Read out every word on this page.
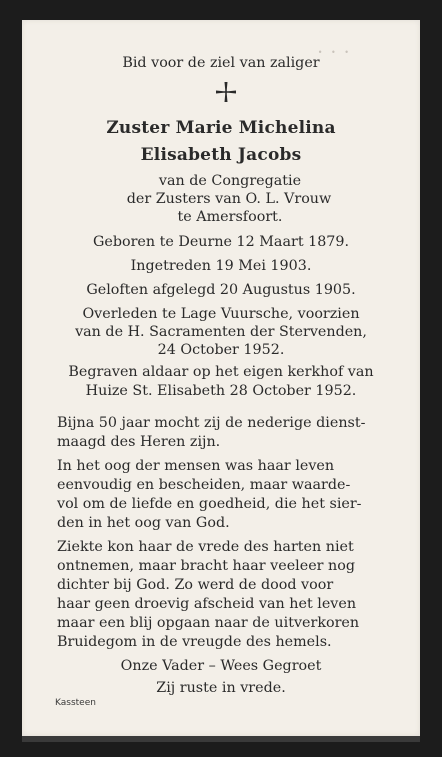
• • •
Bid voor de ziel van zaliger
Zuster Marie Michelina
Elisabeth Jacobs
van de Congregatie
der Zusters van O. L. Vrouw
te Amersfoort.
Geboren te Deurne 12 Maart 1879.
Ingetreden 19 Mei 1903.
Geloften afgelegd 20 Augustus 1905.
Overleden te Lage Vuursche, voorzien
van de H. Sacramenten der Stervenden,
24 October 1952.
Begraven aldaar op het eigen kerkhof van
Huize St. Elisabeth 28 October 1952.
Bijna 50 jaar mocht zij de nederige dienst-
maagd des Heren zijn.
In het oog der mensen was haar leven
eenvoudig en bescheiden, maar waarde-
vol om de liefde en goedheid, die het sier-
den in het oog van God.
Ziekte kon haar de vrede des harten niet
ontnemen, maar bracht haar veeleer nog
dichter bij God. Zo werd de dood voor
haar geen droevig afscheid van het leven
maar een blij opgaan naar de uitverkoren
Bruidegom in de vreugde des hemels.
Onze Vader – Wees Gegroet
Zij ruste in vrede.
Kassteen
